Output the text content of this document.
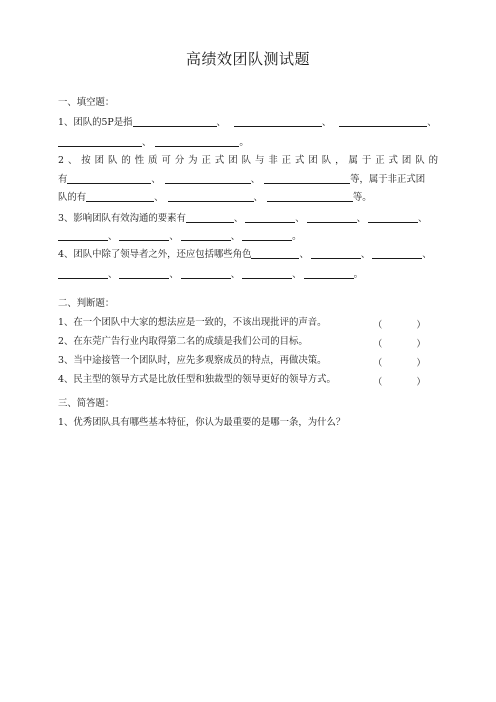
高绩效团队测试题
一、填空题：
1、团队的5P是指	、	、	、
、	。
2、按团队的性质可分为正式团队与非正式团队，属于正式团队的
有	、	、	等，属于非正式团
队的有	、	、	等。
3、影响团队有效沟通的要素有	、	、	、	、
、	、	、	。
4、团队中除了领导者之外，还应包括哪些角色	、	、	、
、	、	、	、	。
二、判断题：
1、在一个团队中大家的想法应是一致的，不该出现批评的声音。	（	）
2、在东莞广告行业内取得第二名的成绩是我们公司的目标。	（	）
3、当中途接管一个团队时，应先多观察成员的特点，再做决策。	（	）
4、民主型的领导方式是比放任型和独裁型的领导更好的领导方式。	（	）
三、简答题：
1、优秀团队具有哪些基本特征，你认为最重要的是哪一条，为什么？
